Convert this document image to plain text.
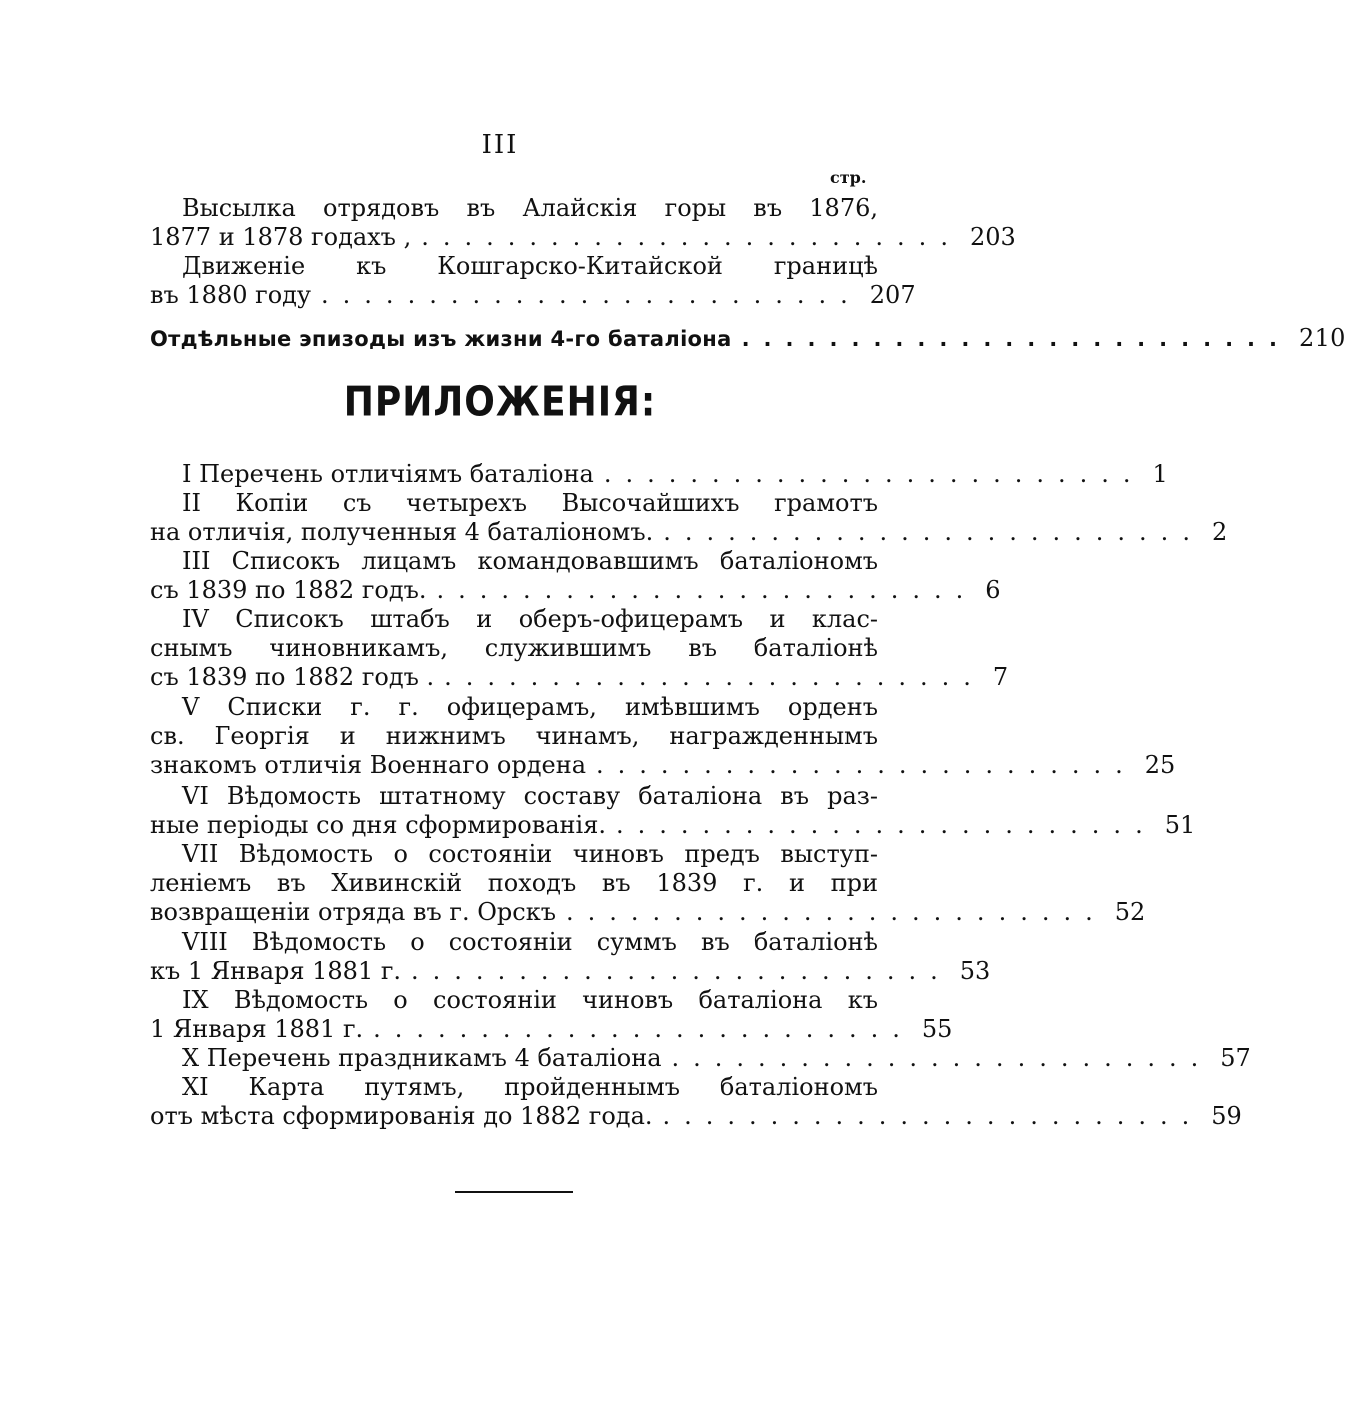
III
стр.
Высылка отрядовъ въ Алайскія горы въ 1876,
1877 и 1878 годахъ , ......................... 203
Движеніе къ Кошгарско-Китайской границѣ
въ 1880 году ......................... 207
Отдѣльные эпизоды изъ жизни 4-го баталіона ......................... 210
ПРИЛОЖЕНІЯ:
I Перечень отличіямъ баталіона ......................... 1
II Копіи съ четырехъ Высочайшихъ грамотъ
на отличія, полученныя 4 баталіономъ. ......................... 2
III Списокъ лицамъ командовавшимъ баталіономъ
съ 1839 по 1882 годъ. ......................... 6
IV Списокъ штабъ и оберъ-офицерамъ и клас-
снымъ чиновникамъ, служившимъ въ баталіонѣ
съ 1839 по 1882 годъ . ......................... 7
V Списки г. г. офицерамъ, имѣвшимъ орденъ
св. Георгія и нижнимъ чинамъ, награжденнымъ
знакомъ отличія Военнаго ордена ......................... 25
VI Вѣдомость штатному составу баталіона въ раз-
ные періоды со дня сформированія. ......................... 51
VII Вѣдомость о состояніи чиновъ предъ выступ-
леніемъ въ Хивинскій походъ въ 1839 г. и при
возвращеніи отряда въ г. Орскъ ......................... 52
VIII Вѣдомость о состояніи суммъ въ баталіонѣ
къ 1 Января 1881 г. ......................... 53
IX Вѣдомость о состояніи чиновъ баталіона къ
1 Января 1881 г. ......................... 55
X Перечень праздникамъ 4 баталіона ......................... 57
XI Карта путямъ, пройденнымъ баталіономъ
отъ мѣста сформированія до 1882 года. ......................... 59
